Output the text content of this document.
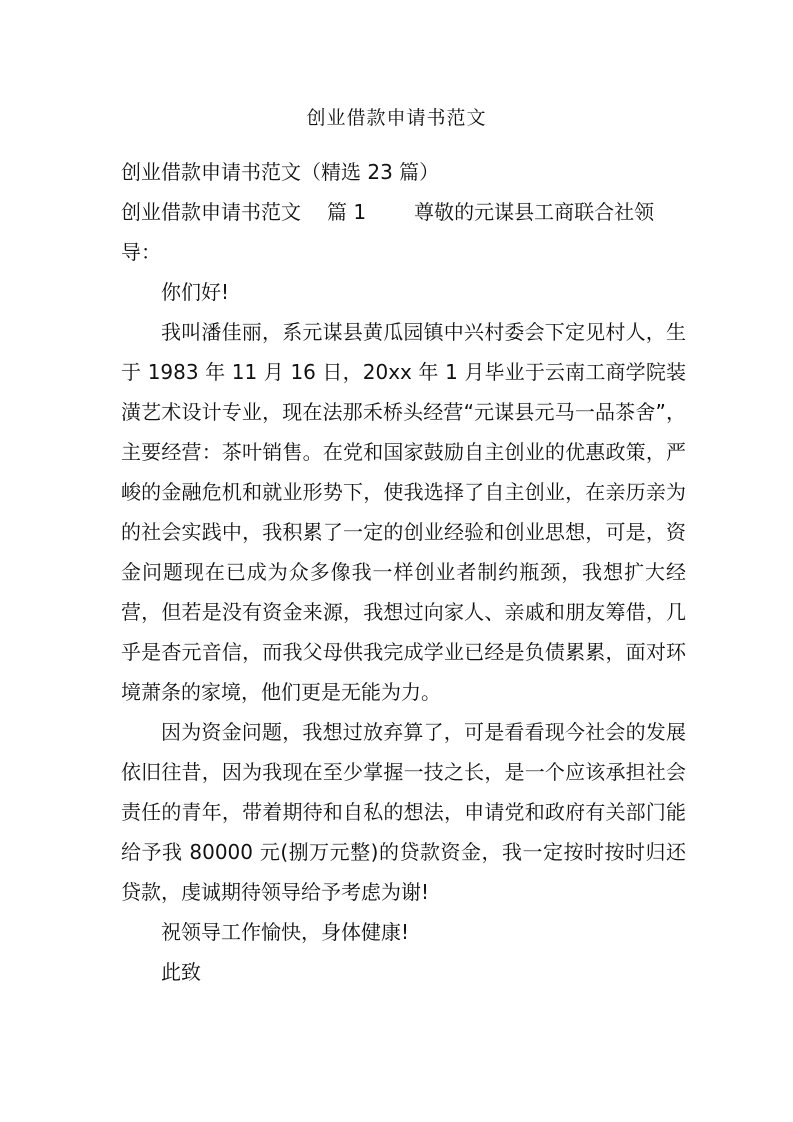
创业借款申请书范文

创业借款申请书范文（精选 23 篇）

创业借款申请书范文 篇 1 尊敬的元谋县工商联合社领

导：

你们好!

我叫潘佳丽，系元谋县黄瓜园镇中兴村委会下定见村人，生于 1983 年 11 月 16 日，20xx 年 1 月毕业于云南工商学院装潢艺术设计专业，现在法那禾桥头经营“元谋县元马一品茶舍”，主要经营：茶叶销售。在党和国家鼓励自主创业的优惠政策，严峻的金融危机和就业形势下，使我选择了自主创业，在亲历亲为的社会实践中，我积累了一定的创业经验和创业思想，可是，资金问题现在已成为众多像我一样创业者制约瓶颈，我想扩大经营，但若是没有资金来源，我想过向家人、亲戚和朋友筹借，几乎是杳元音信，而我父母供我完成学业已经是负债累累，面对环境萧条的家境，他们更是无能为力。

因为资金问题，我想过放弃算了，可是看看现今社会的发展依旧往昔，因为我现在至少掌握一技之长，是一个应该承担社会责任的青年，带着期待和自私的想法，申请党和政府有关部门能给予我 80000 元(捌万元整)的贷款资金，我一定按时按时归还贷款，虔诚期待领导给予考虑为谢!

祝领导工作愉快，身体健康!

此致
